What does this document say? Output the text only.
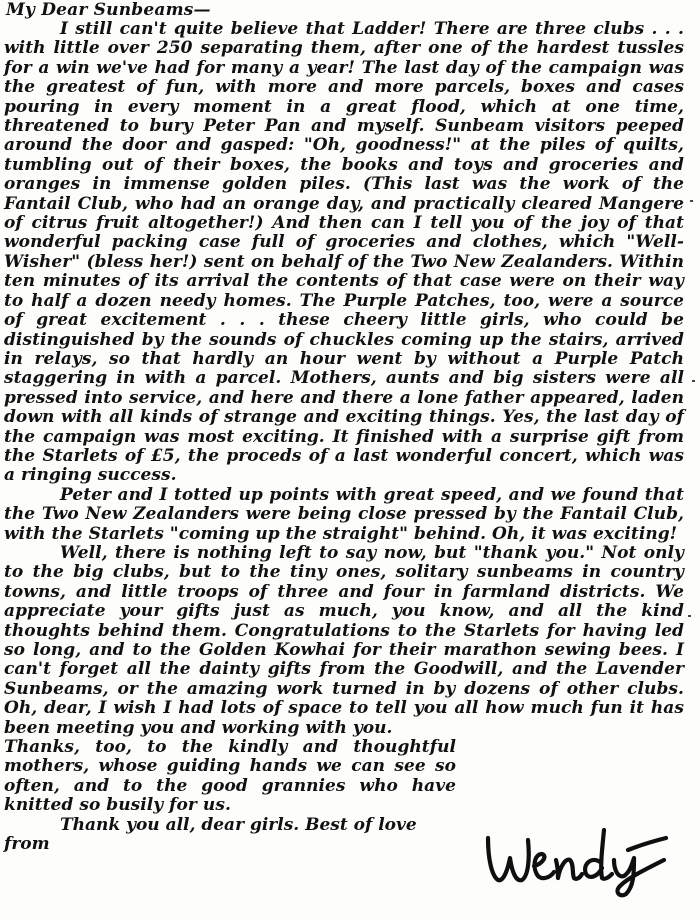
My Dear Sunbeams—

I still can't quite believe that Ladder! There are three clubs . . . with little over 250 separating them, after one of the hardest tussles for a win we've had for many a year! The last day of the campaign was the greatest of fun, with more and more parcels, boxes and cases pouring in every moment in a great flood, which at one time, threatened to bury Peter Pan and myself. Sunbeam visitors peeped around the door and gasped: "Oh, goodness!" at the piles of quilts, tumbling out of their boxes, the books and toys and groceries and oranges in immense golden piles. (This last was the work of the Fantail Club, who had an orange day, and practically cleared Mangere of citrus fruit altogether!) And then can I tell you of the joy of that wonderful packing case full of groceries and clothes, which "Well-Wisher" (bless her!) sent on behalf of the Two New Zealanders. Within ten minutes of its arrival the contents of that case were on their way to half a dozen needy homes. The Purple Patches, too, were a source of great excitement . . . these cheery little girls, who could be distinguished by the sounds of chuckles coming up the stairs, arrived in relays, so that hardly an hour went by without a Purple Patch staggering in with a parcel. Mothers, aunts and big sisters were all pressed into service, and here and there a lone father appeared, laden down with all kinds of strange and exciting things. Yes, the last day of the campaign was most exciting. It finished with a surprise gift from the Starlets of £5, the proceds of a last wonderful concert, which was a ringing success.

Peter and I totted up points with great speed, and we found that the Two New Zealanders were being close pressed by the Fantail Club, with the Starlets "coming up the straight" behind. Oh, it was exciting!

Well, there is nothing left to say now, but "thank you." Not only to the big clubs, but to the tiny ones, solitary sunbeams in country towns, and little troops of three and four in farmland districts. We appreciate your gifts just as much, you know, and all the kind thoughts behind them. Congratulations to the Starlets for having led so long, and to the Golden Kowhai for their marathon sewing bees. I can't forget all the dainty gifts from the Goodwill, and the Lavender Sunbeams, or the amazing work turned in by dozens of other clubs. Oh, dear, I wish I had lots of space to tell you all how much fun it has been meeting you and working with you.

Thanks, too, to the kindly and thoughtful mothers, whose guiding hands we can see so often, and to the good grannies who have knitted so busily for us.

Thank you all, dear girls. Best of love from
